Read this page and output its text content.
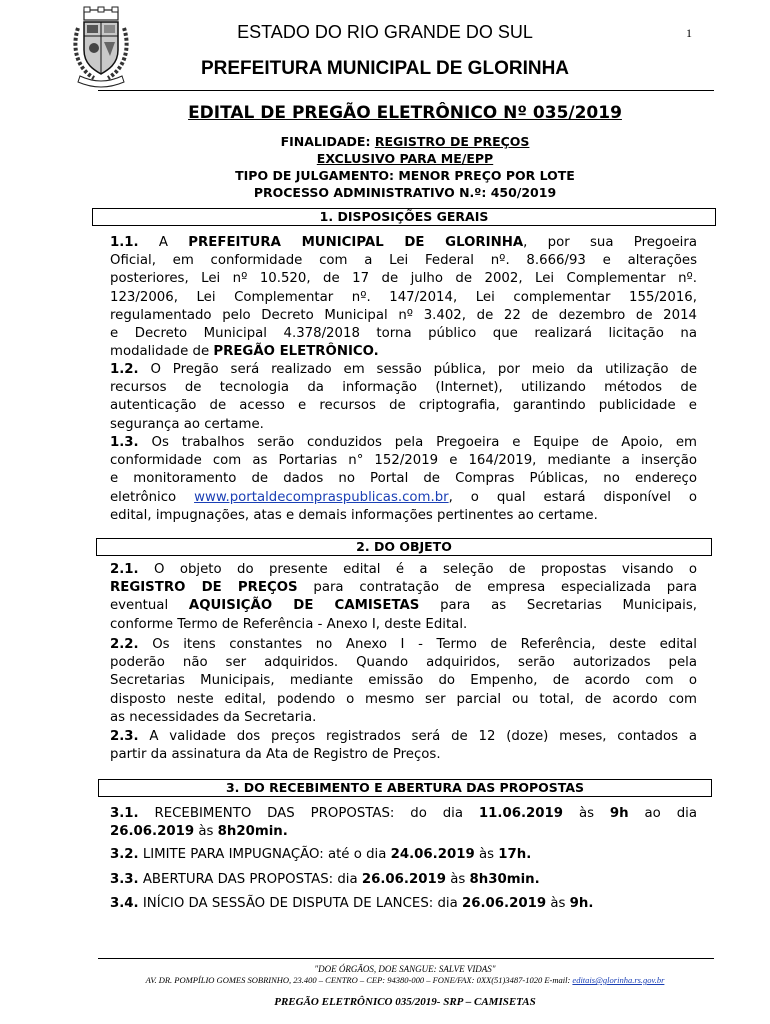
ESTADO DO RIO GRANDE DO SUL	1
PREFEITURA MUNICIPAL DE GLORINHA
EDITAL DE PREGÃO ELETRÔNICO Nº 035/2019
FINALIDADE: REGISTRO DE PREÇOS
EXCLUSIVO PARA ME/EPP
TIPO DE JULGAMENTO: MENOR PREÇO POR LOTE
PROCESSO ADMINISTRATIVO N.º: 450/2019
1. DISPOSIÇÕES GERAIS
1.1. A PREFEITURA MUNICIPAL DE GLORINHA, por sua Pregoeira
Oficial, em conformidade com a Lei Federal nº. 8.666/93 e alterações
posteriores, Lei nº 10.520, de 17 de julho de 2002, Lei Complementar nº.
123/2006, Lei Complementar nº. 147/2014, Lei complementar 155/2016,
regulamentado pelo Decreto Municipal nº 3.402, de 22 de dezembro de 2014
e Decreto Municipal 4.378/2018 torna público que realizará licitação na
modalidade de PREGÃO ELETRÔNICO.
1.2. O Pregão será realizado em sessão pública, por meio da utilização de
recursos de tecnologia da informação (Internet), utilizando métodos de
autenticação de acesso e recursos de criptografia, garantindo publicidade e
segurança ao certame.
1.3. Os trabalhos serão conduzidos pela Pregoeira e Equipe de Apoio, em
conformidade com as Portarias n° 152/2019 e 164/2019, mediante a inserção
e monitoramento de dados no Portal de Compras Públicas, no endereço
eletrônico www.portaldecompraspublicas.com.br, o qual estará disponível o
edital, impugnações, atas e demais informações pertinentes ao certame.
2. DO OBJETO
2.1. O objeto do presente edital é a seleção de propostas visando o
REGISTRO DE PREÇOS para contratação de empresa especializada para
eventual AQUISIÇÃO DE CAMISETAS para as Secretarias Municipais,
conforme Termo de Referência - Anexo I, deste Edital.
2.2. Os itens constantes no Anexo I - Termo de Referência, deste edital
poderão não ser adquiridos. Quando adquiridos, serão autorizados pela
Secretarias Municipais, mediante emissão do Empenho, de acordo com o
disposto neste edital, podendo o mesmo ser parcial ou total, de acordo com
as necessidades da Secretaria.
2.3. A validade dos preços registrados será de 12 (doze) meses, contados a
partir da assinatura da Ata de Registro de Preços.
3. DO RECEBIMENTO E ABERTURA DAS PROPOSTAS
3.1. RECEBIMENTO DAS PROPOSTAS: do dia 11.06.2019 às 9h ao dia
26.06.2019 às 8h20min.
3.2. LIMITE PARA IMPUGNAÇÃO: até o dia 24.06.2019 às 17h.
3.3. ABERTURA DAS PROPOSTAS: dia 26.06.2019 às 8h30min.
3.4. INÍCIO DA SESSÃO DE DISPUTA DE LANCES: dia 26.06.2019 às 9h.
"DOE ÓRGÃOS, DOE SANGUE: SALVE VIDAS"
AV. DR. POMPÍLIO GOMES SOBRINHO, 23.400 – CENTRO – CEP: 94380-000 – FONE/FAX: 0XX(51)3487-1020 E-mail: editais@glorinha.rs.gov.br
PREGÃO ELETRÔNICO 035/2019- SRP – CAMISETAS
